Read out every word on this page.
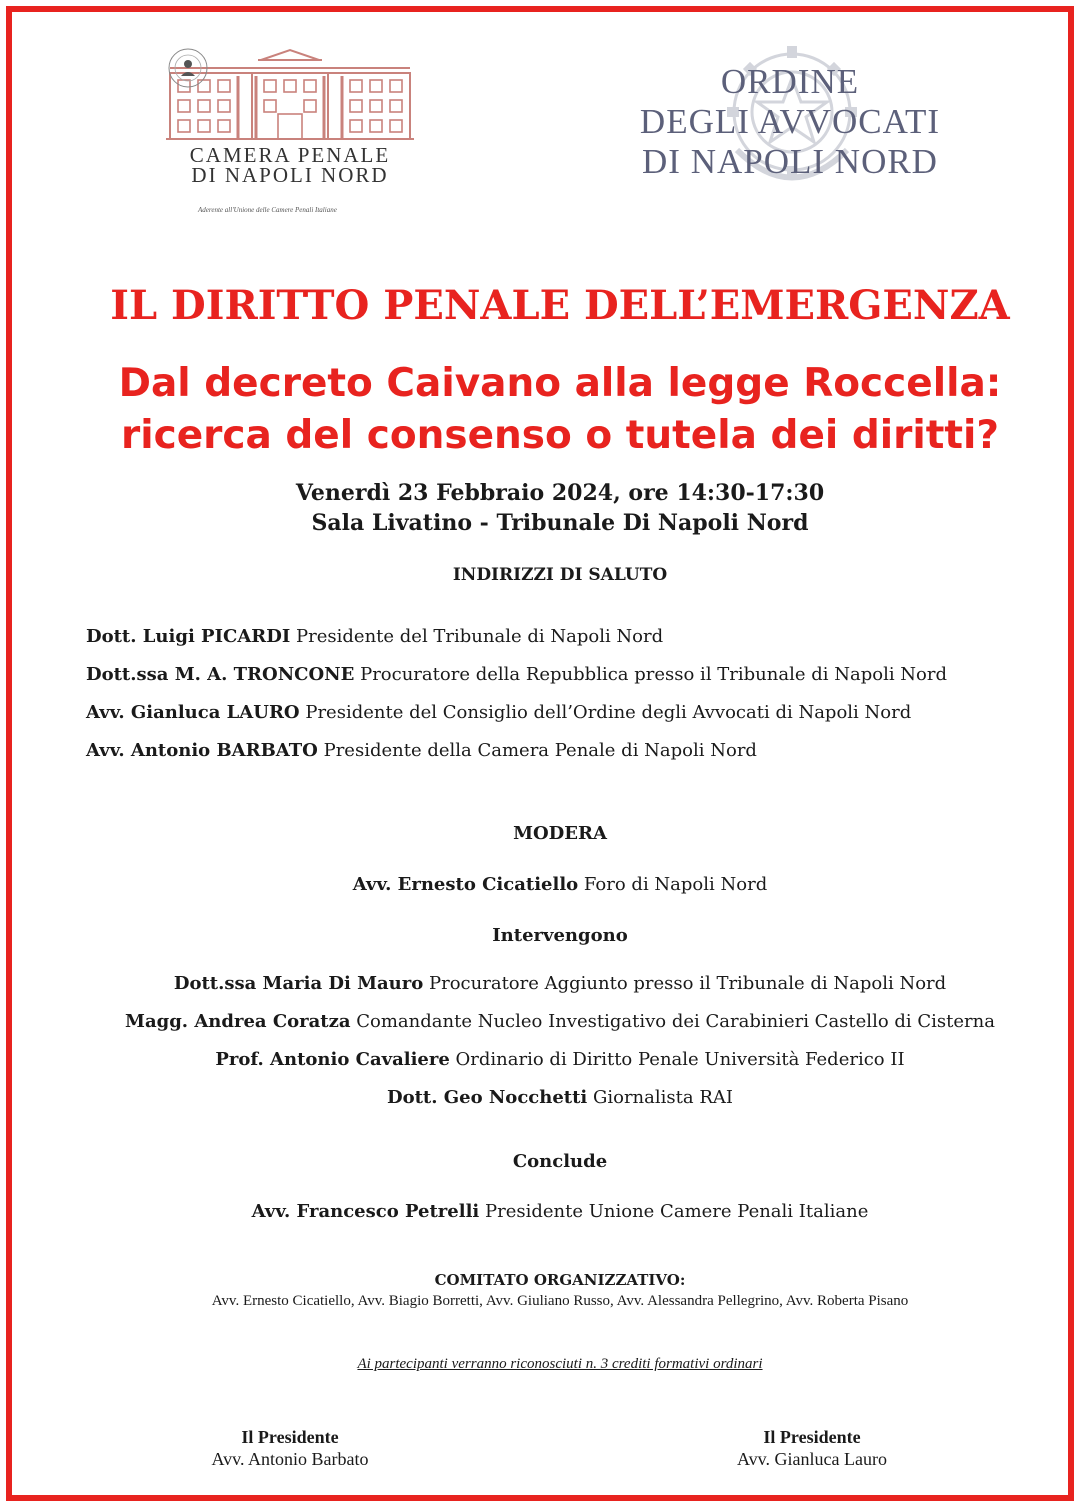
CAMERA PENALE
DI NAPOLI NORD
Aderente all'Unione delle Camere Penali Italiane
ORDINE
DEGLI AVVOCATI
DI NAPOLI NORD
IL DIRITTO PENALE DELL’EMERGENZA
Dal decreto Caivano alla legge Roccella:
ricerca del consenso o tutela dei diritti?
Venerdì 23 Febbraio 2024, ore 14:30-17:30
Sala Livatino - Tribunale Di Napoli Nord
INDIRIZZI DI SALUTO
Dott. Luigi PICARDI Presidente del Tribunale di Napoli Nord
Dott.ssa M. A. TRONCONE Procuratore della Repubblica presso il Tribunale di Napoli Nord
Avv. Gianluca LAURO Presidente del Consiglio dell’Ordine degli Avvocati di Napoli Nord
Avv. Antonio BARBATO Presidente della Camera Penale di Napoli Nord
MODERA
Avv. Ernesto Cicatiello Foro di Napoli Nord
Intervengono
Dott.ssa Maria Di Mauro Procuratore Aggiunto presso il Tribunale di Napoli Nord
Magg. Andrea Coratza Comandante Nucleo Investigativo dei Carabinieri Castello di Cisterna
Prof. Antonio Cavaliere Ordinario di Diritto Penale Università Federico II
Dott. Geo Nocchetti Giornalista RAI
Conclude
Avv. Francesco Petrelli Presidente Unione Camere Penali Italiane
COMITATO ORGANIZZATIVO:
Avv. Ernesto Cicatiello, Avv. Biagio Borretti, Avv. Giuliano Russo, Avv. Alessandra Pellegrino, Avv. Roberta Pisano
Ai partecipanti verranno riconosciuti n. 3 crediti formativi ordinari
Il Presidente
Avv. Antonio Barbato
Il Presidente
Avv. Gianluca Lauro
